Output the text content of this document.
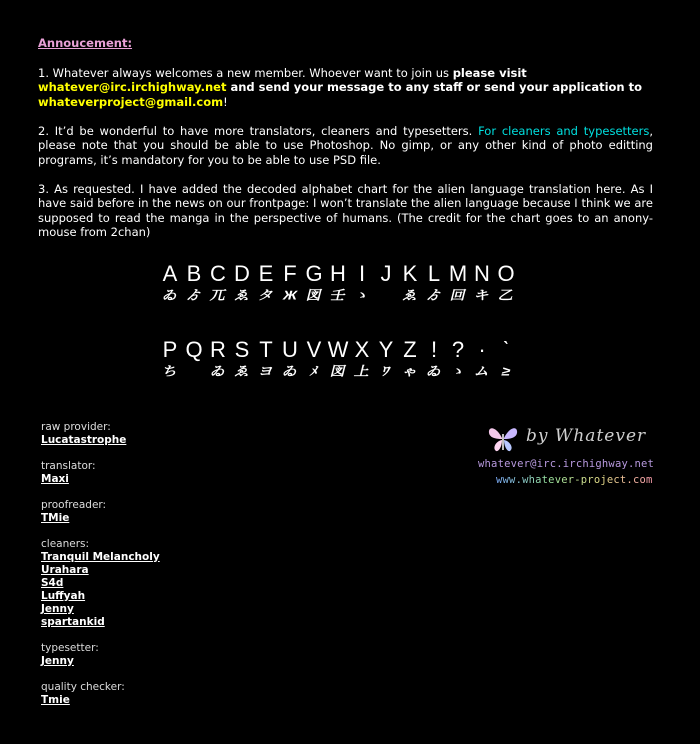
Annoucement:

1. Whatever always welcomes a new member. Whoever want to join us please visit
whatever@irc.irchighway.net and send your message to any staff or send your application to
whateverproject@gmail.com!

2. It’d be wonderful to have more translators, cleaners and typesetters. For cleaners and typesetters, please note that you should be able to use Photoshop. No gimp, or any other kind of photo editting programs, it’s mandatory for you to be able to use PSD file.

3. As requested. I have added the decoded alphabet chart for the alien language translation here. As I have said before in the news on our frontpage: I won’t translate the alien language because I think we are supposed to read the manga in the perspective of humans. (The credit for the chart goes to an anony-mouse from 2chan)

A B C D E F G H I J K L M N O
ゐ ゟ 兀 ゑ タ Ж 図 壬 ゝ	ゑ ゟ 回 キ 乙
P Q R S T U V W X Y Z ! ? · ˋ
ち	ゐ ゑ ヨ ゐ ﾒ 図 上 ﾜ ゃ ゐ ゝ ム ≥
raw provider:
Lucatastrophe
translator:
Maxi
proofreader:
TMie
cleaners:
Tranquil Melancholy
Urahara
S4d
Luffyah
Jenny
spartankid
typesetter:
Jenny
quality checker:
Tmie
by Whatever
whatever@irc.irchighway.net
www.whatever-project.com
